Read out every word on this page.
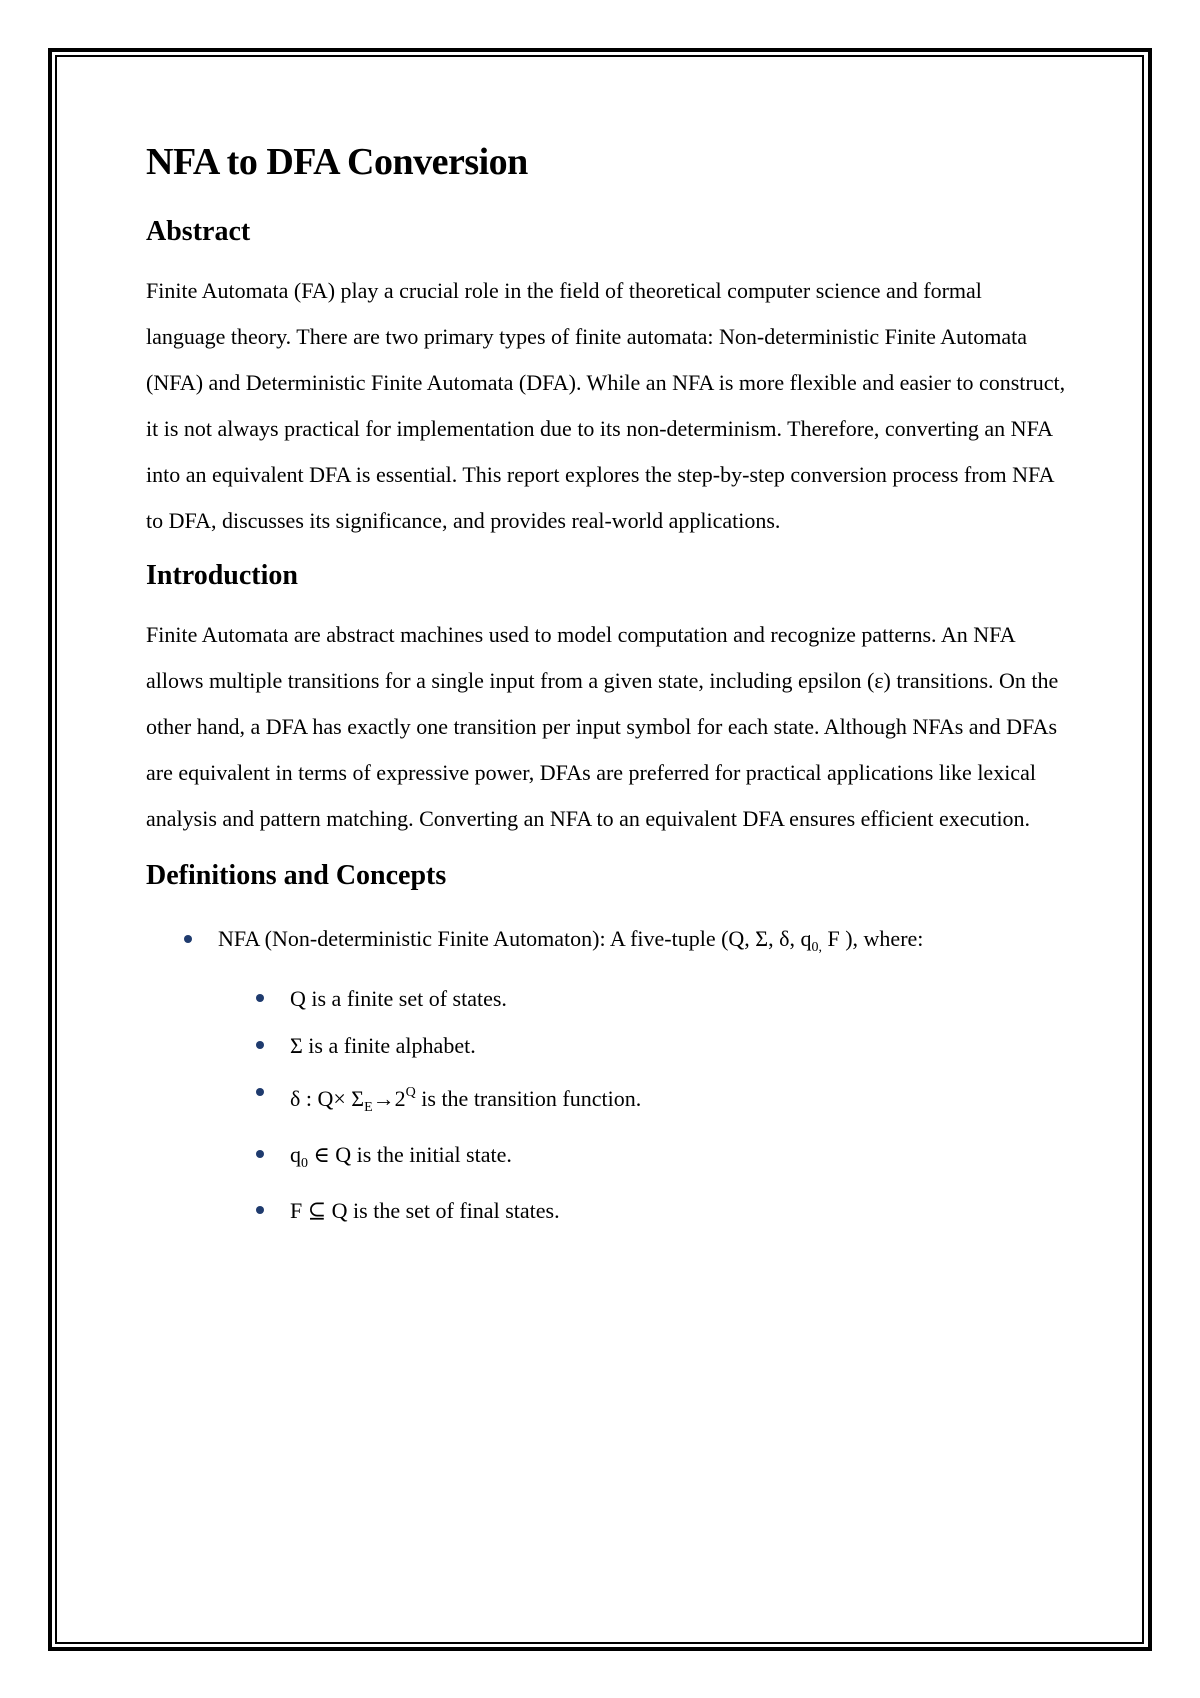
NFA to DFA Conversion
Abstract

Finite Automata (FA) play a crucial role in the field of theoretical computer science and formal language theory. There are two primary types of finite automata: Non-deterministic Finite Automata (NFA) and Deterministic Finite Automata (DFA). While an NFA is more flexible and easier to construct, it is not always practical for implementation due to its non-determinism. Therefore, converting an NFA into an equivalent DFA is essential. This report explores the step-by-step conversion process from NFA to DFA, discusses its significance, and provides real-world applications.

Introduction

Finite Automata are abstract machines used to model computation and recognize patterns. An NFA allows multiple transitions for a single input from a given state, including epsilon (ε) transitions. On the other hand, a DFA has exactly one transition per input symbol for each state. Although NFAs and DFAs are equivalent in terms of expressive power, DFAs are preferred for practical applications like lexical analysis and pattern matching. Converting an NFA to an equivalent DFA ensures efficient execution.

Definitions and Concepts
NFA (Non-deterministic Finite Automaton): A five-tuple (Q, Σ, δ, $q_{0,}$ F ), where:
Q is a finite set of states.
Σ is a finite alphabet.
δ : $Q\times \Sigma_E\to 2^Q$ is the transition function.
$q_0$ ∈ Q is the initial state.
F ⊆ Q is the set of final states.
